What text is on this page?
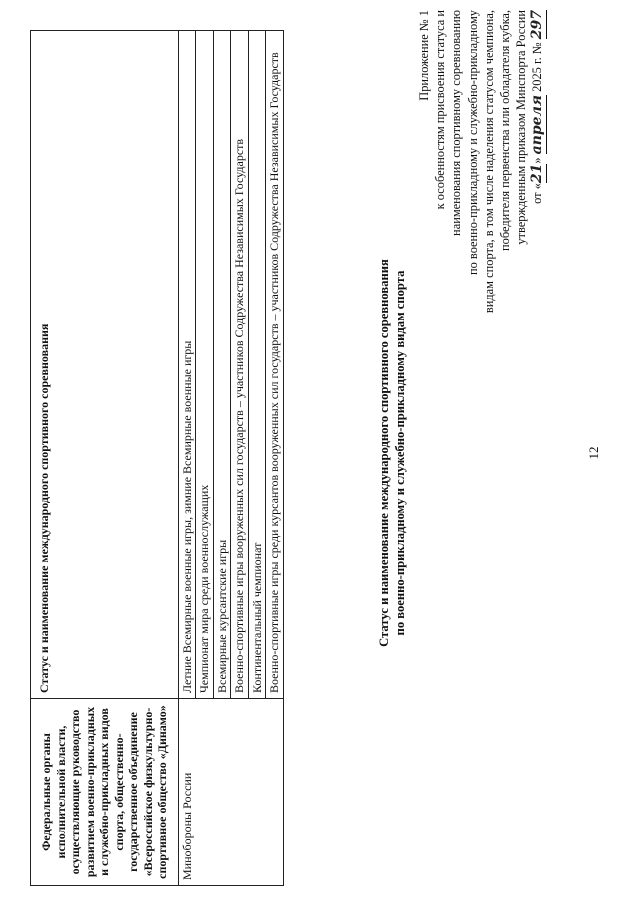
12
Приложение № 1 к особенностям присвоения статуса и наименования спортивному соревнованию по военно-прикладному и служебно-прикладному видам спорта, в том числе наделения статусом чемпиона, победителя первенства или обладателя кубка, утвержденным приказом Минспорта России от «21» апреля 2025 г. № 297
Статус и наименование международного спортивного соревнования по военно-прикладному и служебно-прикладному видам спорта
Федеральные органы исполнительной власти, осуществляющие руководство развитием военно-прикладных и служебно-прикладных видов спорта, общественно-государственное объединение «Всероссийское физкультурно-спортивное общество «Динамо»	Статус и наименование международного спортивного соревнования
Минобороны России	Летние Всемирные военные игры, зимние Всемирные военные игры
	Чемпионат мира среди военнослужащих
	Всемирные курсантские игры
	Военно-спортивные игры вооруженных сил государств – участников Содружества Независимых Государств
	Континентальный чемпионат
	Военно-спортивные игры среди курсантов вооруженных сил государств – участников Содружества Независимых Государств
